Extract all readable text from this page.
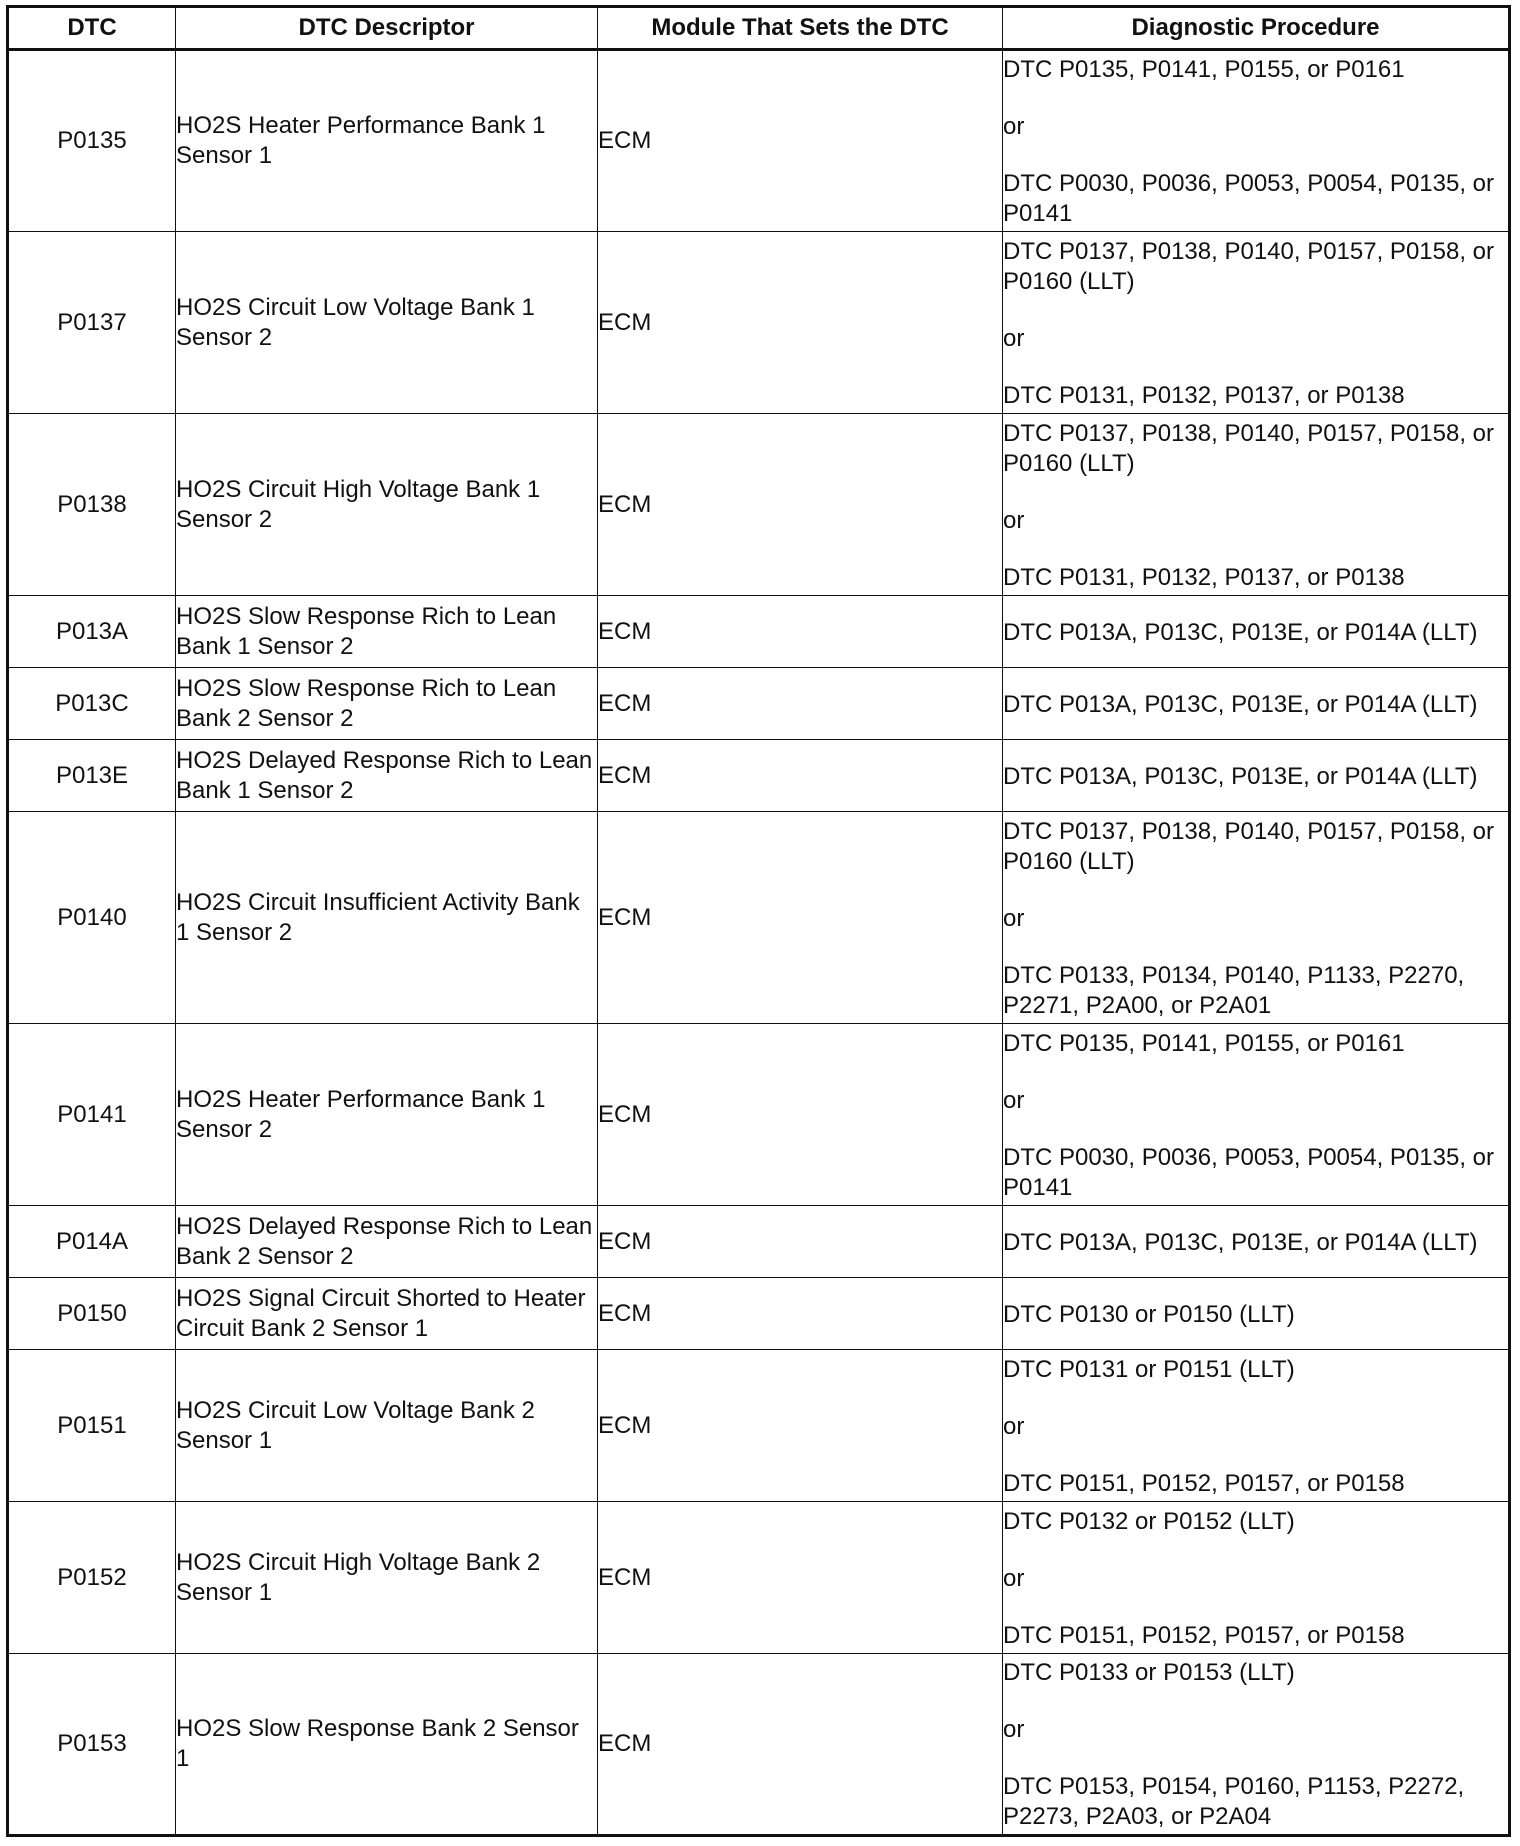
DTC	DTC Descriptor	Module That Sets the DTC	Diagnostic Procedure
P0135	HO2S Heater Performance Bank 1 Sensor 1	ECM	DTC P0135, P0141, P0155, or P0161
or
DTC P0030, P0036, P0053, P0054, P0135, or P0141

P0137	HO2S Circuit Low Voltage Bank 1 Sensor 2	ECM	DTC P0137, P0138, P0140, P0157, P0158, or P0160 (LLT)
or
DTC P0131, P0132, P0137, or P0138

P0138	HO2S Circuit High Voltage Bank 1 Sensor 2	ECM	DTC P0137, P0138, P0140, P0157, P0158, or P0160 (LLT)
or
DTC P0131, P0132, P0137, or P0138

P013A	HO2S Slow Response Rich to Lean Bank 1 Sensor 2	ECM	DTC P013A, P013C, P013E, or P014A (LLT)

P013C	HO2S Slow Response Rich to Lean Bank 2 Sensor 2	ECM	DTC P013A, P013C, P013E, or P014A (LLT)

P013E	HO2S Delayed Response Rich to Lean Bank 1 Sensor 2	ECM	DTC P013A, P013C, P013E, or P014A (LLT)

P0140	HO2S Circuit Insufficient Activity Bank 1 Sensor 2	ECM	DTC P0137, P0138, P0140, P0157, P0158, or P0160 (LLT)
or
DTC P0133, P0134, P0140, P1133, P2270, P2271, P2A00, or P2A01

P0141	HO2S Heater Performance Bank 1 Sensor 2	ECM	DTC P0135, P0141, P0155, or P0161
or
DTC P0030, P0036, P0053, P0054, P0135, or P0141

P014A	HO2S Delayed Response Rich to Lean Bank 2 Sensor 2	ECM	DTC P013A, P013C, P013E, or P014A (LLT)

P0150	HO2S Signal Circuit Shorted to Heater Circuit Bank 2 Sensor 1	ECM	DTC P0130 or P0150 (LLT)

P0151	HO2S Circuit Low Voltage Bank 2 Sensor 1	ECM	DTC P0131 or P0151 (LLT)
or
DTC P0151, P0152, P0157, or P0158

P0152	HO2S Circuit High Voltage Bank 2 Sensor 1	ECM	DTC P0132 or P0152 (LLT)
or
DTC P0151, P0152, P0157, or P0158

P0153	HO2S Slow Response Bank 2 Sensor 1	ECM	DTC P0133 or P0153 (LLT)
or
DTC P0153, P0154, P0160, P1153, P2272, P2273, P2A03, or P2A04
